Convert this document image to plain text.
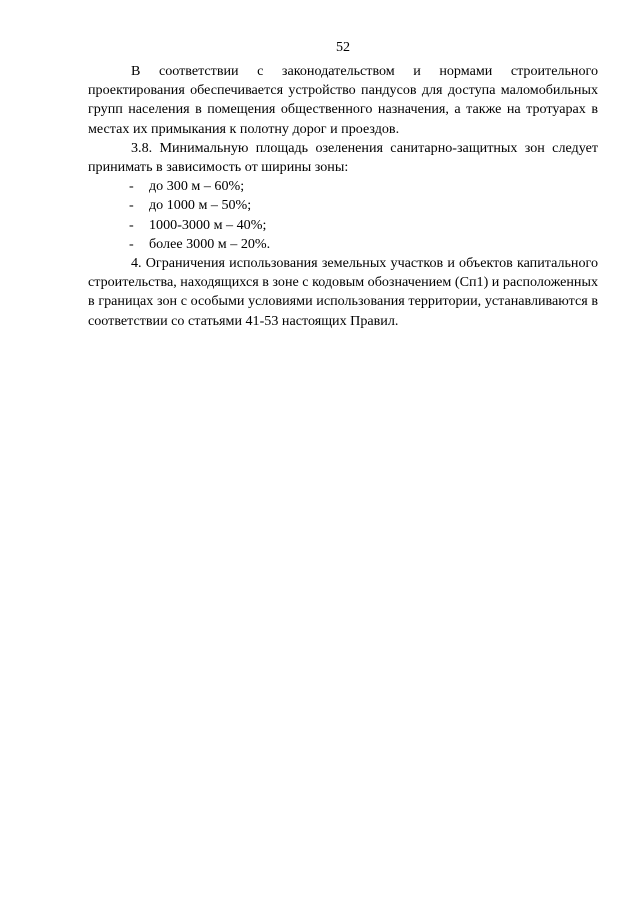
52

В соответствии с законодательством и нормами строительного проектирования обеспечивается устройство пандусов для доступа маломобильных групп населения в помещения общественного назначения, а также на тротуарах в местах их примыкания к полотну дорог и проездов.

3.8. Минимальную площадь озеленения санитарно-защитных зон следует принимать в зависимость от ширины зоны:

- до 300 м – 60%;
- до 1000 м – 50%;
- 1000-3000 м – 40%;
- более 3000 м – 20%.

4. Ограничения использования земельных участков и объектов капитального строительства, находящихся в зоне с кодовым обозначением (Сп1) и расположенных в границах зон с особыми условиями использования территории, устанавливаются в соответствии со статьями 41-53 настоящих Правил.
